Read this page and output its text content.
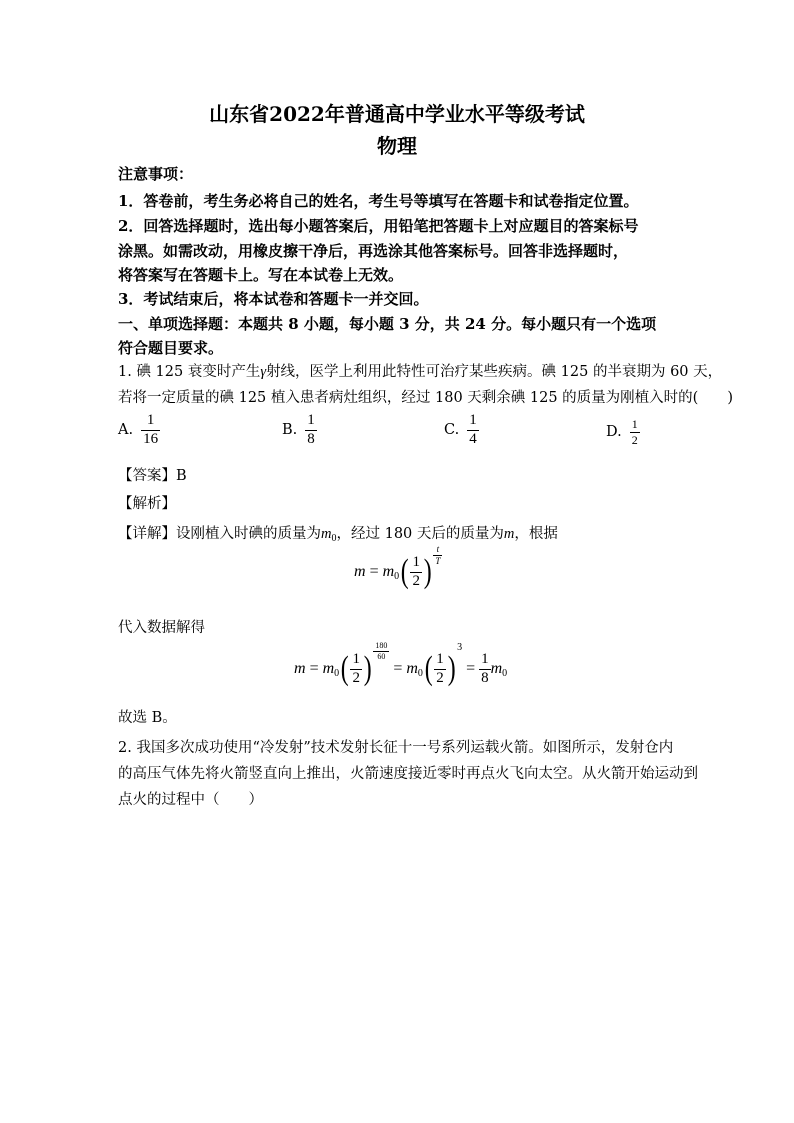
山东省2022年普通高中学业水平等级考试
物理
注意事项：
1．答卷前，考生务必将自己的姓名，考生号等填写在答题卡和试卷指定位置。
2．回答选择题时，选出每小题答案后，用铅笔把答题卡上对应题目的答案标号
涂黑。如需改动，用橡皮擦干净后，再选涂其他答案标号。回答非选择题时，
将答案写在答题卡上。写在本试卷上无效。
3．考试结束后，将本试卷和答题卡一并交回。
一、单项选择题：本题共 8 小题，每小题 3 分，共 24 分。每小题只有一个选项
符合题目要求。
1. 碘 125 衰变时产生γ射线，医学上利用此特性可治疗某些疾病。碘 125 的半衰期为 60 天，
若将一定质量的碘 125 植入患者病灶组织，经过 180 天剩余碘 125 的质量为刚植入时的(　　)
A. $\frac{1}{16}$	B. $\frac{1}{8}$	C. $\frac{1}{4}$	D. $\frac{1}{2}$
【答案】B
【解析】
【详解】设刚植入时碘的质量为$m_0$，经过 180 天后的质量为m，根据
$m = m_0( \frac{1}{2}$ ) $\frac{t}{T}$
代入数据解得
$m = m_0( \frac{1}{2}$ ) $\frac{180}{60}$
= $m_0( \frac{1}{2} )3 = \frac{1}{8} m_0$
故选 B。
2. 我国多次成功使用“冷发射”技术发射长征十一号系列运载火箭。如图所示，发射仓内
的高压气体先将火箭竖直向上推出，火箭速度接近零时再点火飞向太空。从火箭开始运动到
点火的过程中（　　）
